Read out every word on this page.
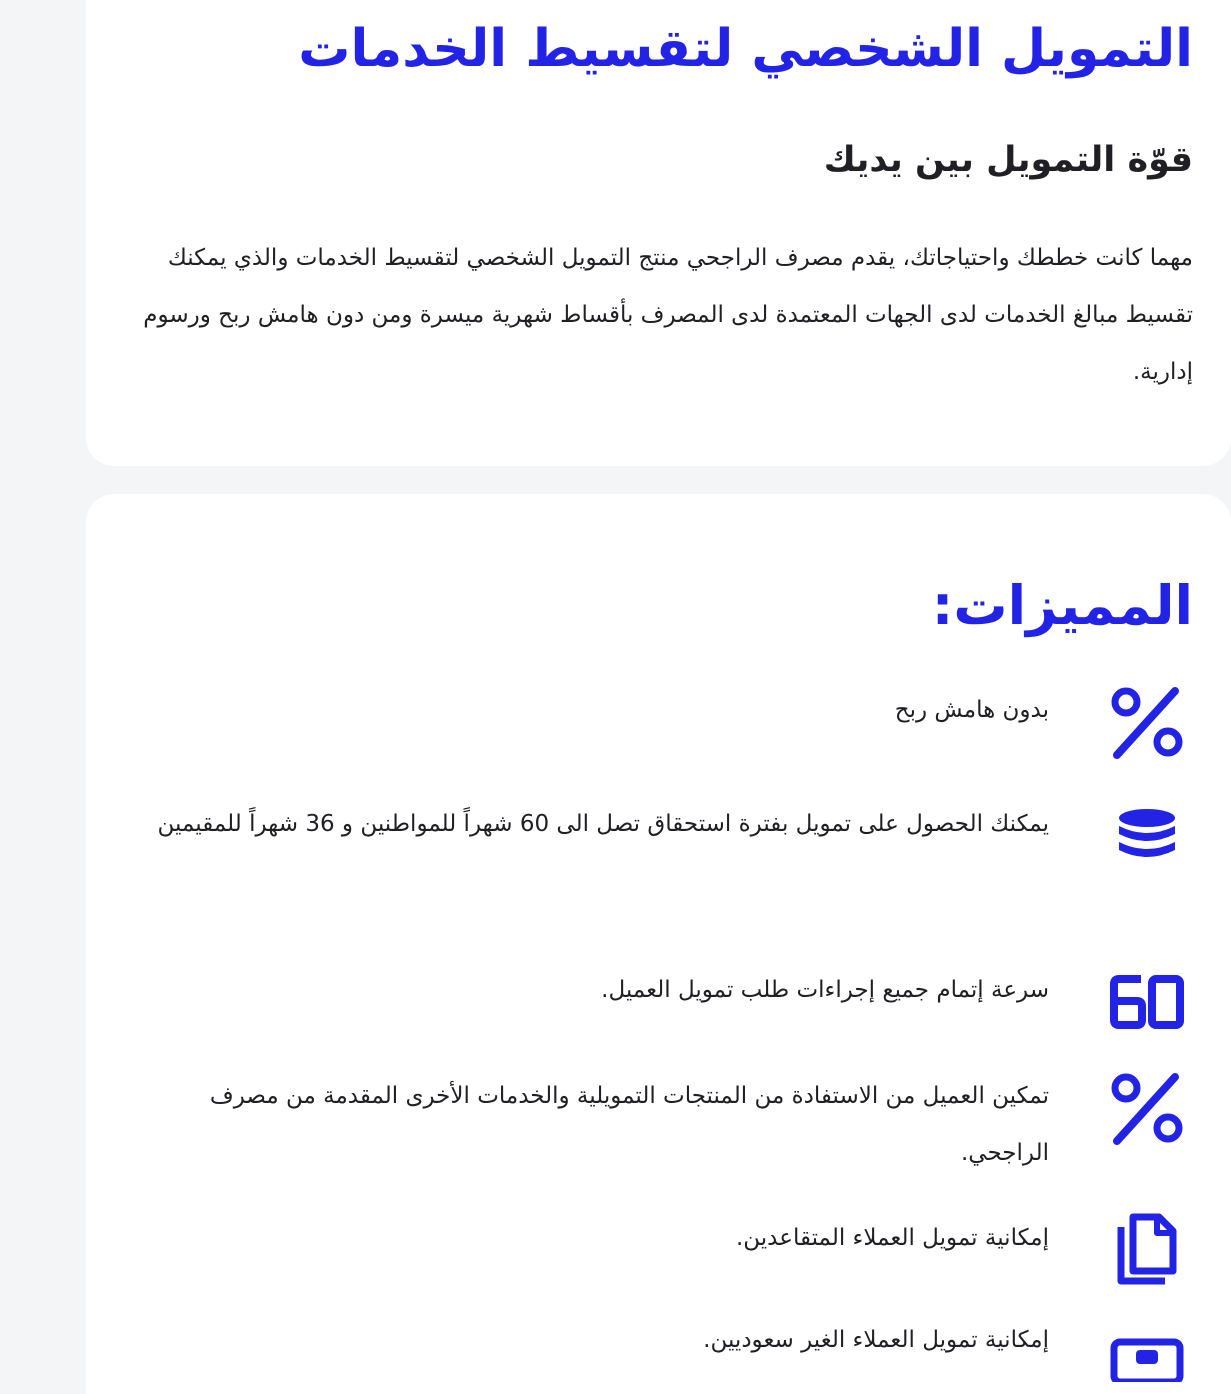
التمويل الشخصي لتقسيط الخدمات
قوّة التمويل بين يديك

مهما كانت خططك واحتياجاتك، يقدم مصرف الراجحي منتج التمويل الشخصي لتقسيط الخدمات والذي يمكنك تقسيط مبالغ الخدمات لدى الجهات المعتمدة لدى المصرف بأقساط شهرية ميسرة ومن دون هامش ربح ورسوم إدارية.

المميزات:

بدون هامش ربح

يمكنك الحصول على تمويل بفترة استحقاق تصل الى 60 شهراً للمواطنين و 36 شهراً للمقيمين

سرعة إتمام جميع إجراءات طلب تمويل العميل.

تمكين العميل من الاستفادة من المنتجات التمويلية والخدمات الأخرى المقدمة من مصرف الراجحي.

إمكانية تمويل العملاء المتقاعدين.

إمكانية تمويل العملاء الغير سعوديين.
